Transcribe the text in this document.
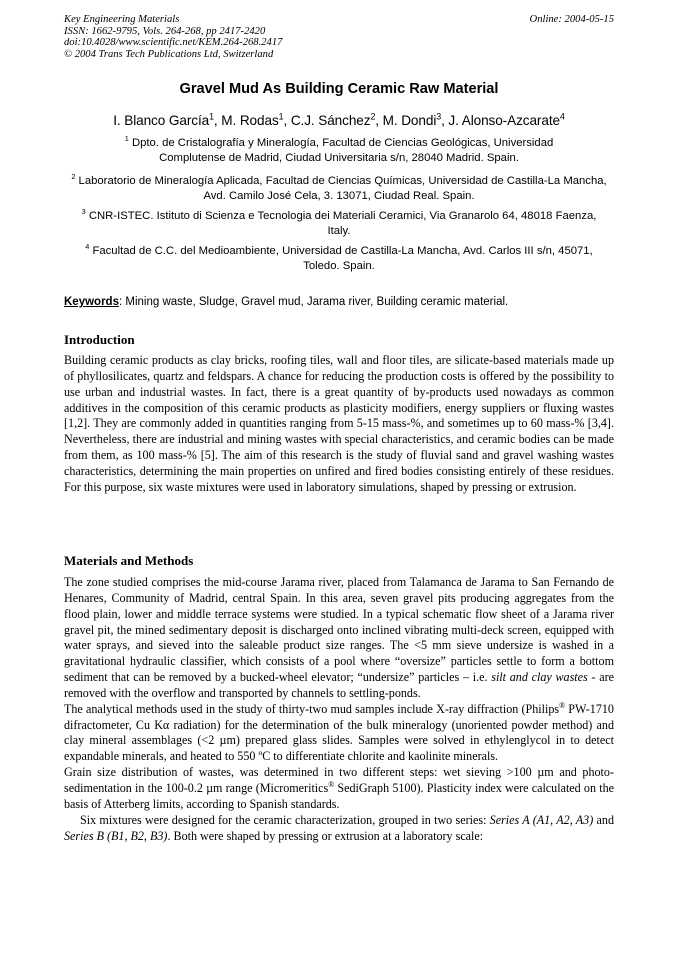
Key Engineering Materials
ISSN: 1662-9795, Vols. 264-268, pp 2417-2420
doi:10.4028/www.scientific.net/KEM.264-268.2417
© 2004 Trans Tech Publications Ltd, Switzerland
Online: 2004-05-15
Gravel Mud As Building Ceramic Raw Material
I. Blanco García$^1$, M. Rodas$^1$, C.J. Sánchez$^2$, M. Dondi$^3$, J. Alonso-Azcarate$^4$
$^1$ Dpto. de Cristalografía y Mineralogía, Facultad de Ciencias Geológicas, Universidad Complutense de Madrid, Ciudad Universitaria s/n, 28040 Madrid. Spain.
$^2$ Laboratorio de Mineralogía Aplicada, Facultad de Ciencias Químicas, Universidad de Castilla-La Mancha, Avd. Camilo José Cela, 3. 13071, Ciudad Real. Spain.
$^3$ CNR-ISTEC. Istituto di Scienza e Tecnologia dei Materiali Ceramici, Via Granarolo 64, 48018 Faenza, Italy.
$^4$ Facultad de C.C. del Medioambiente, Universidad de Castilla-La Mancha, Avd. Carlos III s/n, 45071, Toledo. Spain.
Keywords: Mining waste, Sludge, Gravel mud, Jarama river, Building ceramic material.
Introduction

Building ceramic products as clay bricks, roofing tiles, wall and floor tiles, are silicate-based materials made up of phyllosilicates, quartz and feldspars. A chance for reducing the production costs is offered by the possibility to use urban and industrial wastes. In fact, there is a great quantity of by-products used nowadays as common additives in the composition of this ceramic products as plasticity modifiers, energy suppliers or fluxing wastes [1,2]. They are commonly added in quantities ranging from 5-15 mass-%, and sometimes up to 60 mass-% [3,4]. Nevertheless, there are industrial and mining wastes with special characteristics, and ceramic bodies can be made from them, as 100 mass-% [5]. The aim of this research is the study of fluvial sand and gravel washing wastes characteristics, determining the main properties on unfired and fired bodies consisting entirely of these residues. For this purpose, six waste mixtures were used in laboratory simulations, shaped by pressing or extrusion.

Materials and Methods

The zone studied comprises the mid-course Jarama river, placed from Talamanca de Jarama to San Fernando de Henares, Community of Madrid, central Spain. In this area, seven gravel pits producing aggregates from the flood plain, lower and middle terrace systems were studied. In a typical schematic flow sheet of a Jarama river gravel pit, the mined sedimentary deposit is discharged onto inclined vibrating multi-deck screen, equipped with water sprays, and sieved into the saleable product size ranges. The <5 mm sieve undersize is washed in a gravitational hydraulic classifier, which consists of a pool where “oversize” particles settle to form a bottom sediment that can be removed by a bucked-wheel elevator; “undersize” particles – i.e. silt and clay wastes - are removed with the overflow and transported by channels to settling-ponds.

The analytical methods used in the study of thirty-two mud samples include X-ray diffraction (Philips® PW-1710 difractometer, Cu Kα radiation) for the determination of the bulk mineralogy (unoriented powder method) and clay mineral assemblages (<2 µm) prepared glass slides. Samples were solved in ethylenglycol in to detect expandable minerals, and heated to 550 ºC to differentiate chlorite and kaolinite minerals.

Grain size distribution of wastes, was determined in two different steps: wet sieving >100 µm and photo-sedimentation in the 100-0.2 µm range (Micromeritics® SediGraph 5100). Plasticity index were calculated on the basis of Atterberg limits, according to Spanish standards.

Six mixtures were designed for the ceramic characterization, grouped in two series: Series A (A1, A2, A3) and Series B (B1, B2, B3). Both were shaped by pressing or extrusion at a laboratory scale:
